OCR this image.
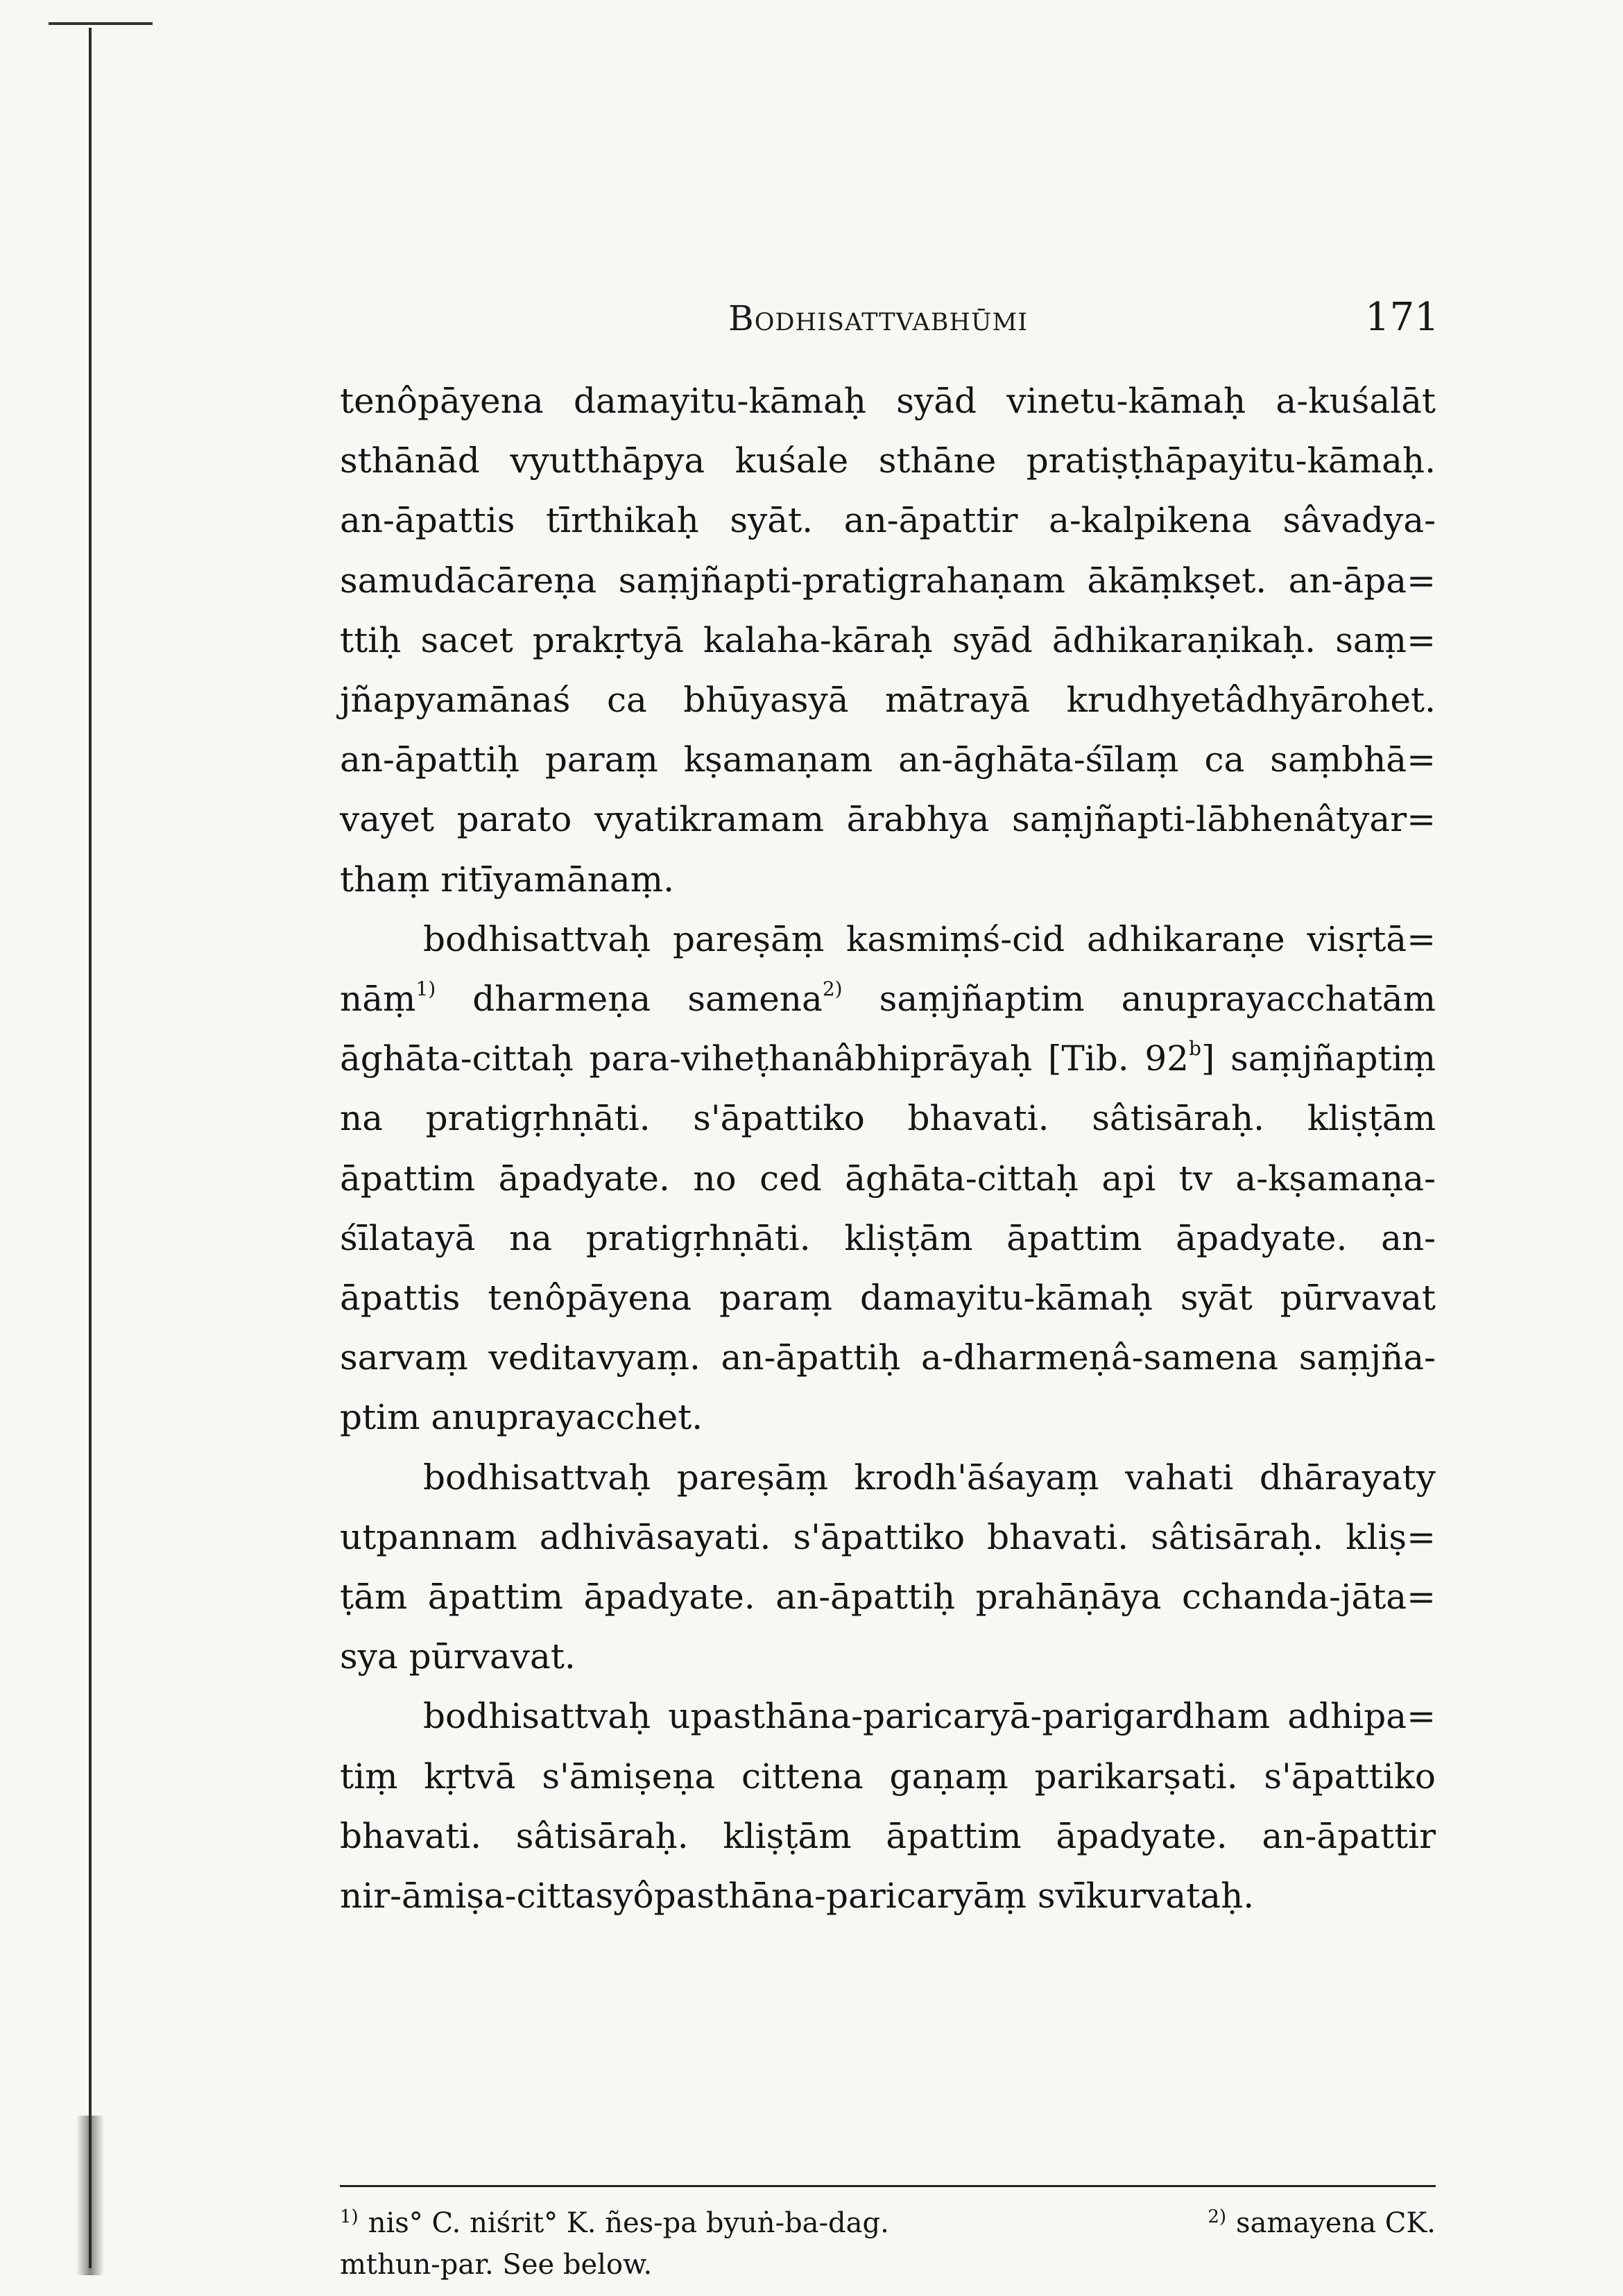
Bodhisattvabhūmi	171
tenôpāyena damayitu-kāmaḥ syād vinetu-kāmaḥ a-kuśalāt
sthānād vyutthāpya kuśale sthāne pratiṣṭhāpayitu-kāmaḥ.
an-āpattis tīrthikaḥ syāt. an-āpattir a-kalpikena sâvadya-
samudācāreṇa saṃjñapti-pratigrahaṇam ākāṃkṣet. an-āpa=
ttiḥ sacet prakṛtyā kalaha-kāraḥ syād ādhikaraṇikaḥ. saṃ=
jñapyamānaś ca bhūyasyā mātrayā krudhyetâdhyārohet.
an-āpattiḥ paraṃ kṣamaṇam an-āghāta-śīlaṃ ca saṃbhā=
vayet parato vyatikramam ārabhya saṃjñapti-lābhenâtyar=
thaṃ ritīyamānaṃ.
bodhisattvaḥ pareṣāṃ kasmiṃś-cid adhikaraṇe visṛtā=
nāṃ$^{1)}$ dharmeṇa samena$^{2)}$ saṃjñaptim anuprayacchatām
āghāta-cittaḥ para-viheṭhanâbhiprāyaḥ [Tib. 92$^b$] saṃjñaptiṃ
na pratigṛhṇāti. s'āpattiko bhavati. sâtisāraḥ. kliṣṭām
āpattim āpadyate. no ced āghāta-cittaḥ api tv a-kṣamaṇa-
śīlatayā na pratigṛhṇāti. kliṣṭām āpattim āpadyate. an-
āpattis tenôpāyena paraṃ damayitu-kāmaḥ syāt pūrvavat
sarvaṃ veditavyaṃ. an-āpattiḥ a-dharmeṇâ-samena saṃjña-
ptim anuprayacchet.
bodhisattvaḥ pareṣāṃ krodh'āśayaṃ vahati dhārayaty
utpannam adhivāsayati. s'āpattiko bhavati. sâtisāraḥ. kliṣ=
ṭām āpattim āpadyate. an-āpattiḥ prahāṇāya cchanda-jāta=
sya pūrvavat.
bodhisattvaḥ upasthāna-paricaryā-parigardham adhipa=
tiṃ kṛtvā s'āmiṣeṇa cittena gaṇaṃ parikarṣati. s'āpattiko
bhavati. sâtisāraḥ. kliṣṭām āpattim āpadyate. an-āpattir
nir-āmiṣa-cittasyôpasthāna-paricaryāṃ svīkurvataḥ.
$^{1)}$ nis° C. niśrit° K. ñes-pa byuṅ-ba-dag.	$^{2)}$ samayena CK.
mthun-par. See below.
